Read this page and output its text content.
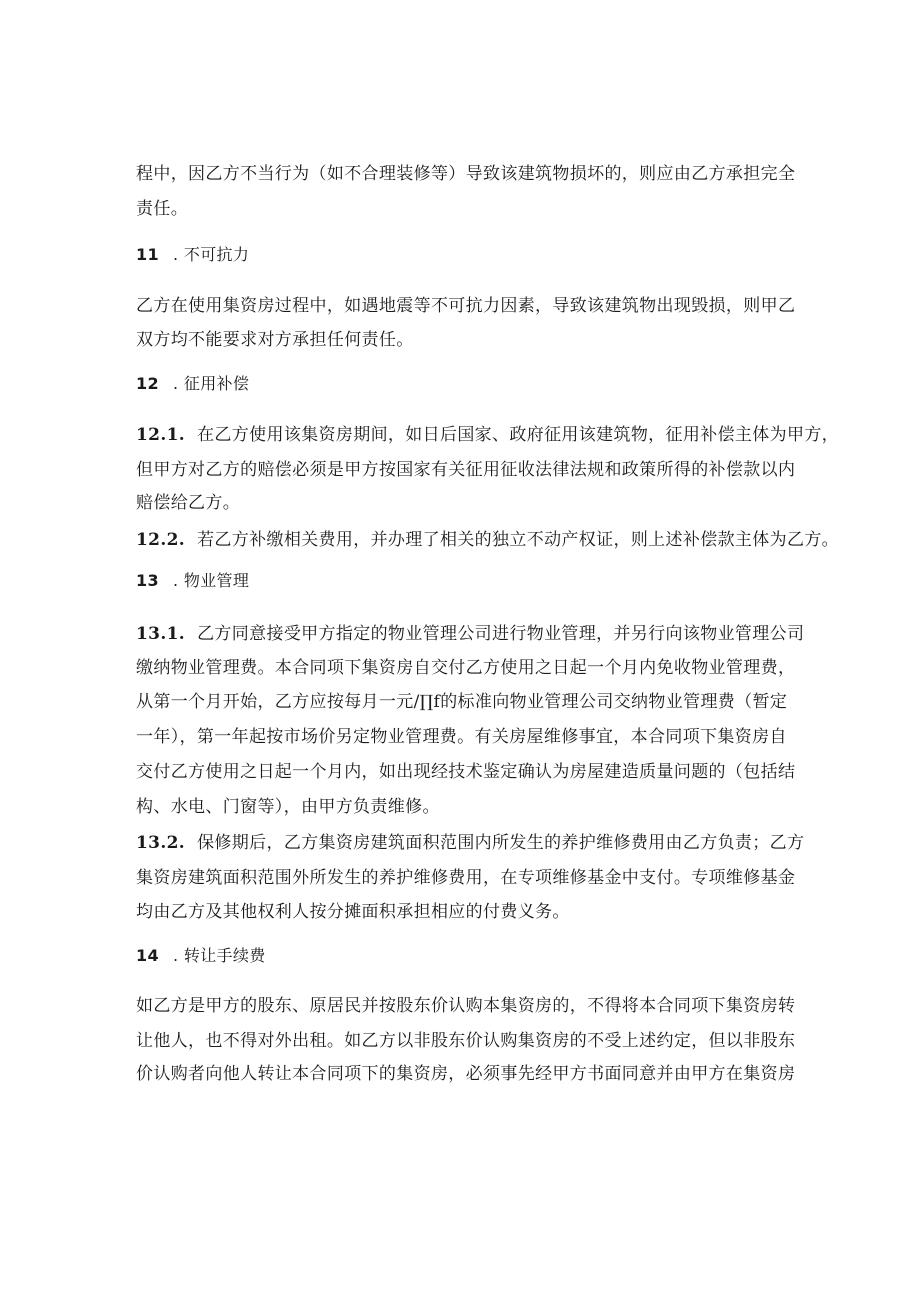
程中，因乙方不当行为（如不合理装修等）导致该建筑物损坏的，则应由乙方承担完全
责任。
11 . 不可抗力
乙方在使用集资房过程中，如遇地震等不可抗力因素，导致该建筑物出现毁损，则甲乙
双方均不能要求对方承担任何责任。
12 . 征用补偿
12.1. 在乙方使用该集资房期间，如日后国家、政府征用该建筑物，征用补偿主体为甲方，
但甲方对乙方的赔偿必须是甲方按国家有关征用征收法律法规和政策所得的补偿款以内
赔偿给乙方。
12.2. 若乙方补缴相关费用，并办理了相关的独立不动产权证，则上述补偿款主体为乙方。
13 . 物业管理
13.1. 乙方同意接受甲方指定的物业管理公司进行物业管理，并另行向该物业管理公司
缴纳物业管理费。本合同项下集资房自交付乙方使用之日起一个月内免收物业管理费，
从第一个月开始，乙方应按每月一元/∏f的标准向物业管理公司交纳物业管理费（暂定
一年），第一年起按市场价另定物业管理费。有关房屋维修事宜，本合同项下集资房自
交付乙方使用之日起一个月内，如出现经技术鉴定确认为房屋建造质量问题的（包括结
构、水电、门窗等），由甲方负责维修。
13.2. 保修期后，乙方集资房建筑面积范围内所发生的养护维修费用由乙方负责；乙方
集资房建筑面积范围外所发生的养护维修费用，在专项维修基金中支付。专项维修基金
均由乙方及其他权利人按分摊面积承担相应的付费义务。
14 . 转让手续费
如乙方是甲方的股东、原居民并按股东价认购本集资房的，不得将本合同项下集资房转
让他人，也不得对外出租。如乙方以非股东价认购集资房的不受上述约定，但以非股东
价认购者向他人转让本合同项下的集资房，必须事先经甲方书面同意并由甲方在集资房
